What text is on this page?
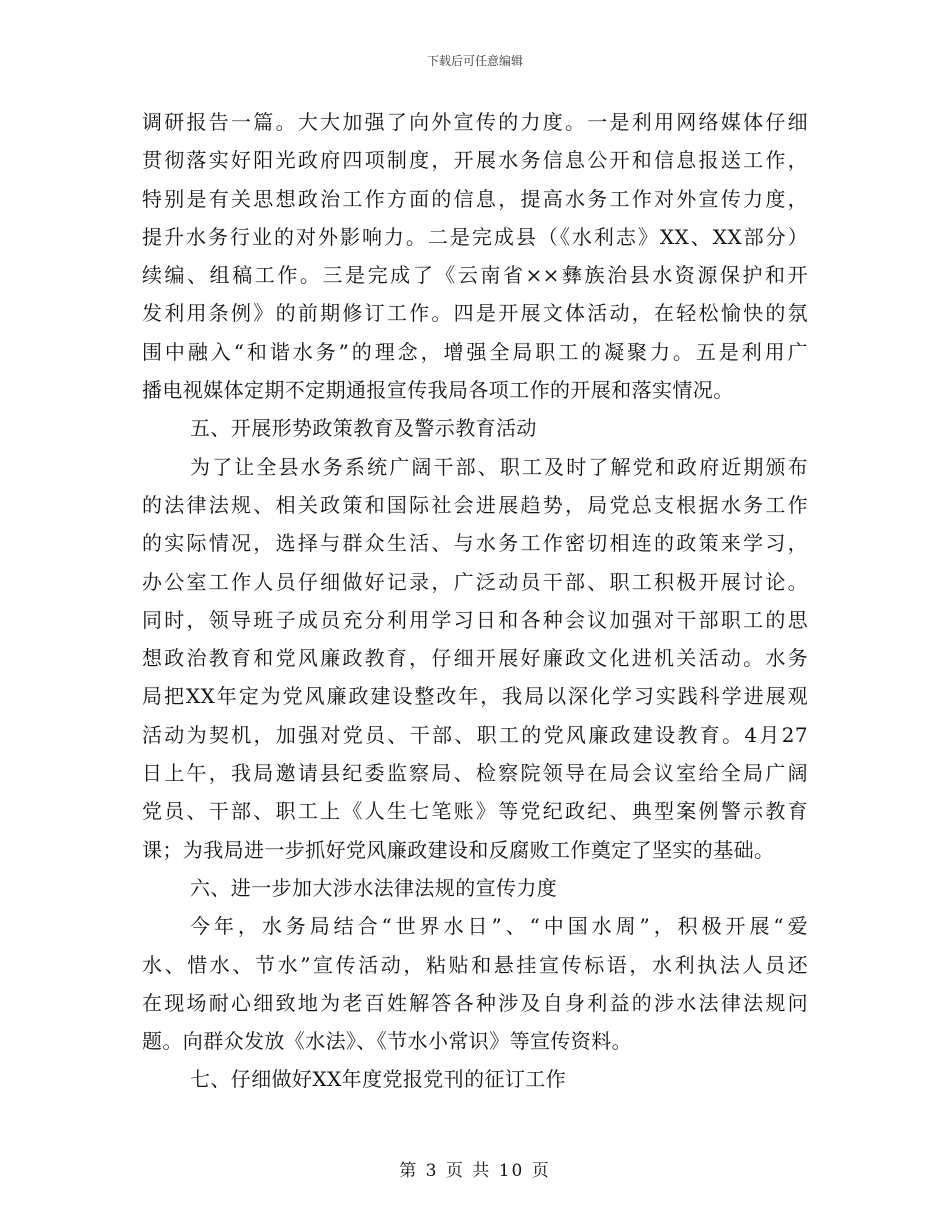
下载后可任意编辑
调研报告一篇。大大加强了向外宣传的力度。一是利用网络媒体仔细
贯彻落实好阳光政府四项制度，开展水务信息公开和信息报送工作，
特别是有关思想政治工作方面的信息，提高水务工作对外宣传力度，
提升水务行业的对外影响力。二是完成县（《水利志》XX、XX部分）
续编、组稿工作。三是完成了《云南省××彝族治县水资源保护和开
发利用条例》的前期修订工作。四是开展文体活动，在轻松愉快的氛
围中融入“和谐水务”的理念，增强全局职工的凝聚力。五是利用广
播电视媒体定期不定期通报宣传我局各项工作的开展和落实情况。
五、开展形势政策教育及警示教育活动
为了让全县水务系统广阔干部、职工及时了解党和政府近期颁布
的法律法规、相关政策和国际社会进展趋势，局党总支根据水务工作
的实际情况，选择与群众生活、与水务工作密切相连的政策来学习，
办公室工作人员仔细做好记录，广泛动员干部、职工积极开展讨论。
同时，领导班子成员充分利用学习日和各种会议加强对干部职工的思
想政治教育和党风廉政教育，仔细开展好廉政文化进机关活动。水务
局把XX年定为党风廉政建设整改年，我局以深化学习实践科学进展观
活动为契机，加强对党员、干部、职工的党风廉政建设教育。4月27
日上午，我局邀请县纪委监察局、检察院领导在局会议室给全局广阔
党员、干部、职工上《人生七笔账》等党纪政纪、典型案例警示教育
课；为我局进一步抓好党风廉政建设和反腐败工作奠定了坚实的基础。
六、进一步加大涉水法律法规的宣传力度
今年，水务局结合“世界水日”、“中国水周”，积极开展“爱
水、惜水、节水”宣传活动，粘贴和悬挂宣传标语，水利执法人员还
在现场耐心细致地为老百姓解答各种涉及自身利益的涉水法律法规问
题。向群众发放《水法》、《节水小常识》等宣传资料。
七、仔细做好XX年度党报党刊的征订工作
第 3 页 共 10 页
